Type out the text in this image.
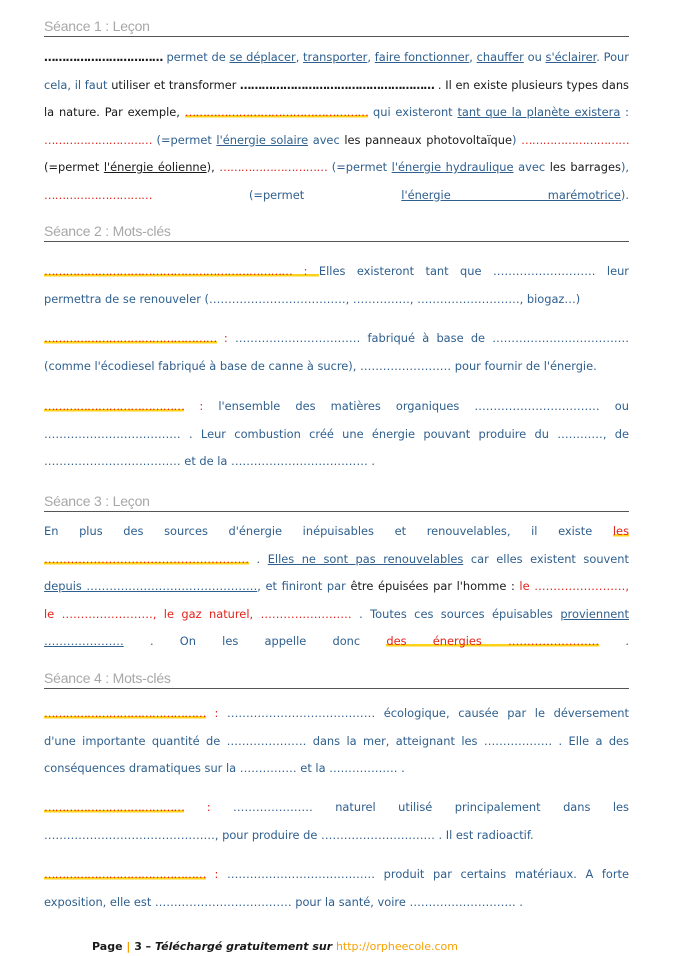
Séance 1 : Leçon
…………………………… permet de se déplacer, transporter, faire fonctionner, chauffer ou s'éclairer. Pour cela, il faut utiliser et transformer ……………………………………………… . Il en existe plusieurs types dans la nature. Par exemple, …………………………………………… qui existeront tant que la planète existera : ………………………… (=permet l'énergie solaire avec les panneaux photovoltaïque) ………………………… (=permet l'énergie éolienne), ………………………… (=permet l'énergie hydraulique avec les barrages), ………………………… (=permet l'énergie marémotrice).
Séance 2 : Mots-clés
…………………………………………………………… : Elles existeront tant que ……………………… leur permettra de se renouveler (………………………………, ……………, ………………………, biogaz…)
………………………………………… : …………………………… fabriqué à base de ……………………………… (comme l'écodiesel fabriqué à base de canne à sucre), …………………… pour fournir de l'énergie.
………………………………… : l'ensemble des matières organiques …………………………… ou ……………………………… . Leur combustion créé une énergie pouvant produire du …………, de ……………………………… et de la ……………………………… .
Séance 3 : Leçon
En plus des sources d'énergie inépuisables et renouvelables, il existe les ……………………………………………… . Elles ne sont pas renouvelables car elles existent souvent depuis ………………………………………, et finiront par être épuisées par l'homme : le ……………………, le ……………………, le gaz naturel, …………………… . Toutes ces sources épuisables proviennent ………………… . On les appelle donc des énergies …………………… .
Séance 4 : Mots-clés
……………………………………… : ………………………………… écologique, causée par le déversement d'une importante quantité de ………………… dans la mer, atteignant les ……………… . Elle a des conséquences dramatiques sur la …………… et la ……………… .
………………………………… : ………………… naturel utilisé principalement dans les ………………………………………, pour produire de ………………………… . Il est radioactif.
……………………………………… : ………………………………… produit par certains matériaux. A forte exposition, elle est ……………………………… pour la santé, voire ………………………. .
Page | 3 – Téléchargé gratuitement sur http://orpheecole.com
